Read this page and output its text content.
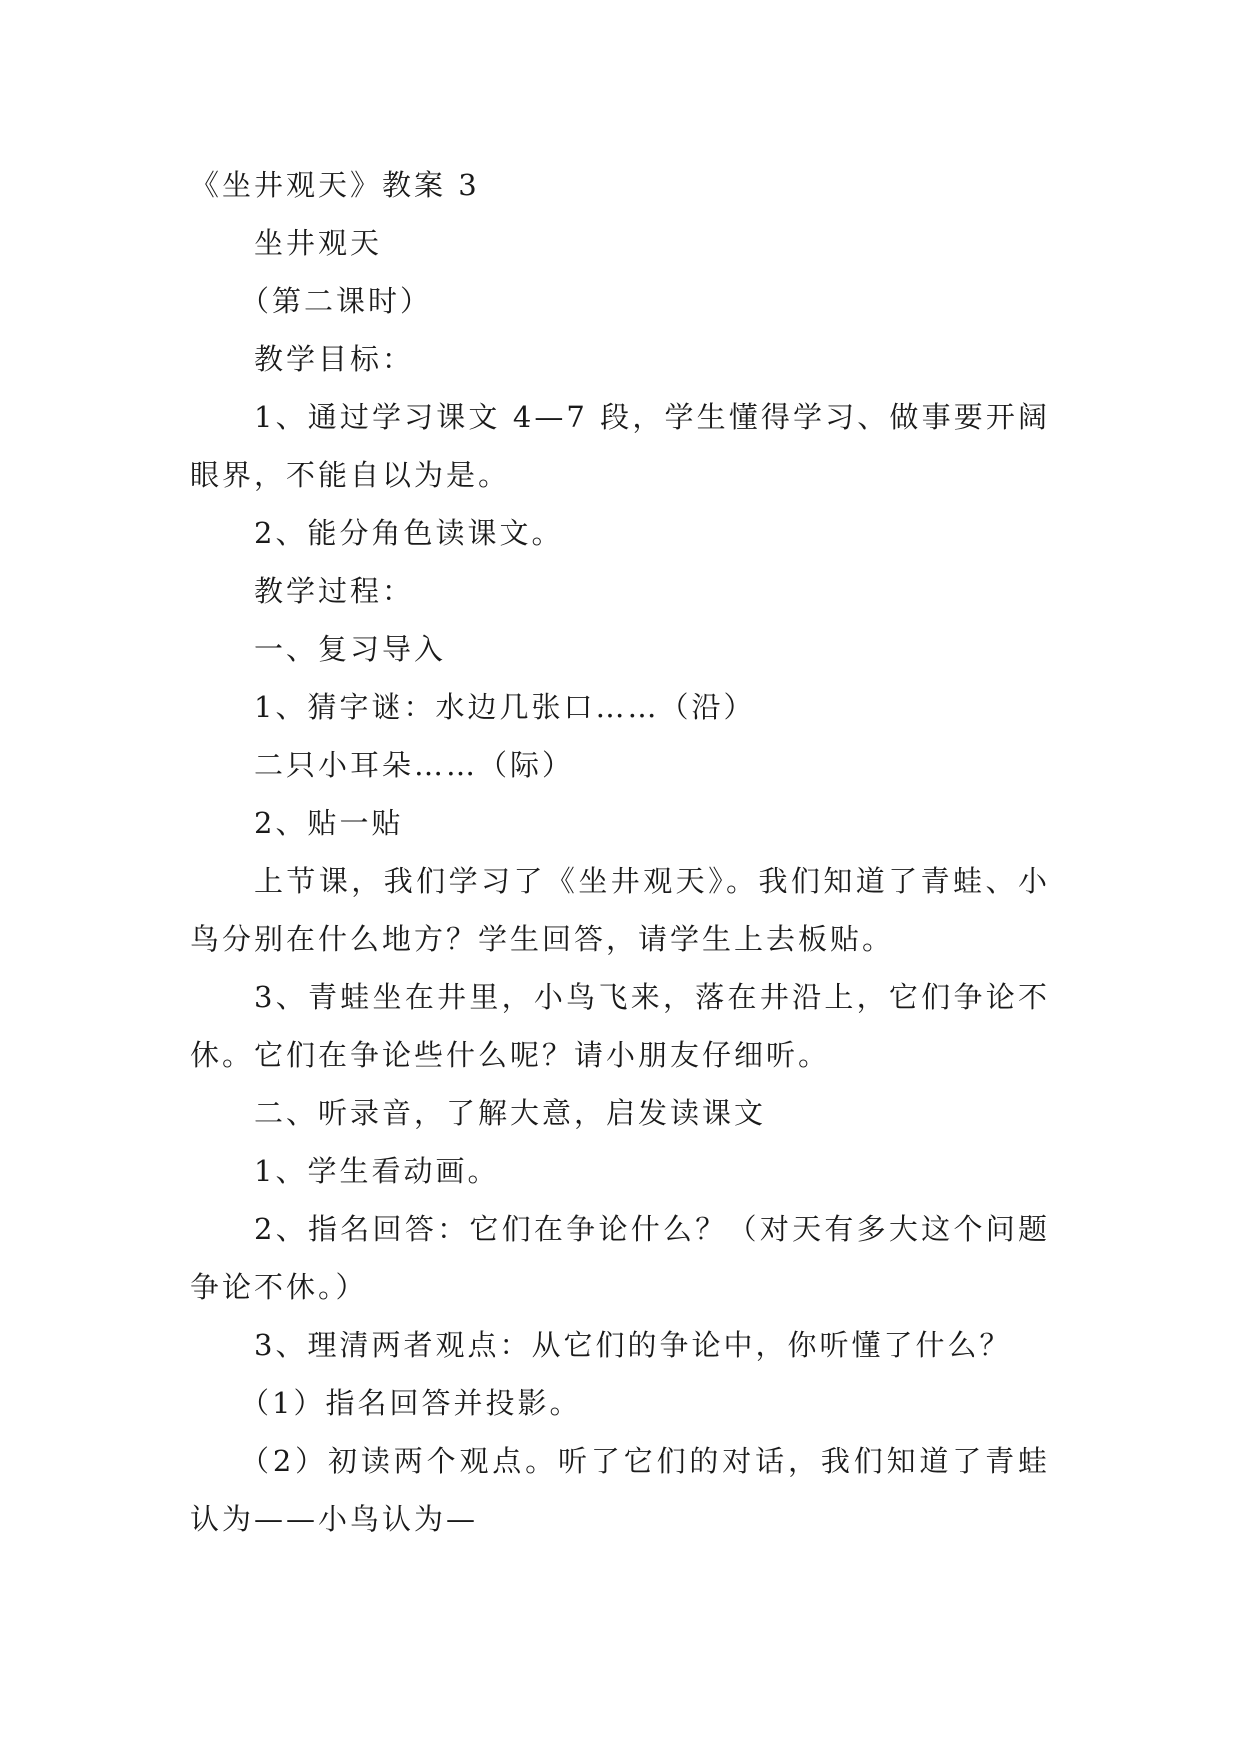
《坐井观天》教案 3

坐井观天

（第二课时）

教学目标：

1、通过学习课文 4—7 段，学生懂得学习、做事要开阔眼界，不能自以为是。

2、能分角色读课文。

教学过程：

一、复习导入

1、猜字谜：水边几张口……（沿）

二只小耳朵……（际）

2、贴一贴

上节课，我们学习了《坐井观天》。我们知道了青蛙、小鸟分别在什么地方？学生回答，请学生上去板贴。

3、青蛙坐在井里，小鸟飞来，落在井沿上，它们争论不休。它们在争论些什么呢？请小朋友仔细听。

二、听录音，了解大意，启发读课文

1、学生看动画。

2、指名回答：它们在争论什么？（对天有多大这个问题争论不休。）

3、理清两者观点：从它们的争论中，你听懂了什么？

（1）指名回答并投影。

（2）初读两个观点。听了它们的对话，我们知道了青蛙认为——小鸟认为—
